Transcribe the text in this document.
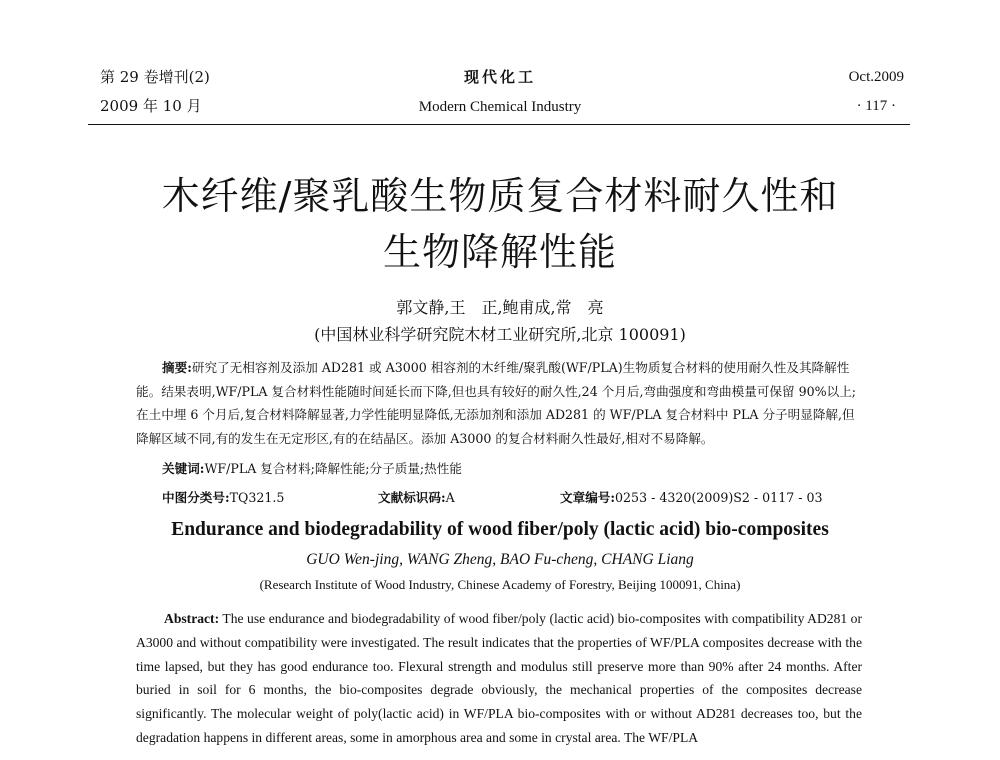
第 29 卷增刊(2)
2009 年 10 月
现代化工
Modern Chemical Industry
Oct.2009
· 117 ·
木纤维/聚乳酸生物质复合材料耐久性和
生物降解性能
郭文静,王　正,鲍甫成,常　亮
(中国林业科学研究院木材工业研究所,北京 100091)
摘要:研究了无相容剂及添加 AD281 或 A3000 相容剂的木纤维/聚乳酸(WF/PLA)生物质复合材料的使用耐久性及其降解性能。结果表明,WF/PLA 复合材料性能随时间延长而下降,但也具有较好的耐久性,24 个月后,弯曲强度和弯曲模量可保留 90%以上;在土中埋 6 个月后,复合材料降解显著,力学性能明显降低,无添加剂和添加 AD281 的 WF/PLA 复合材料中 PLA 分子明显降解,但降解区域不同,有的发生在无定形区,有的在结晶区。添加 A3000 的复合材料耐久性最好,相对不易降解。
关键词:WF/PLA 复合材料;降解性能;分子质量;热性能
中图分类号:TQ321.5	文献标识码:A	文章编号:0253 - 4320(2009)S2 - 0117 - 03
Endurance and biodegradability of wood fiber/poly (lactic acid) bio-composites
GUO Wen-jing, WANG Zheng, BAO Fu-cheng, CHANG Liang
(Research Institute of Wood Industry, Chinese Academy of Forestry, Beijing 100091, China)
Abstract: The use endurance and biodegradability of wood fiber/poly (lactic acid) bio-composites with compatibility AD281 or A3000 and without compatibility were investigated. The result indicates that the properties of WF/PLA composites decrease with the time lapsed, but they has good endurance too. Flexural strength and modulus still preserve more than 90% after 24 months. After buried in soil for 6 months, the bio-composites degrade obviously, the mechanical properties of the composites decrease significantly. The molecular weight of poly(lactic acid) in WF/PLA bio-composites with or without AD281 decreases too, but the degradation happens in different areas, some in amorphous area and some in crystal area. The WF/PLA
